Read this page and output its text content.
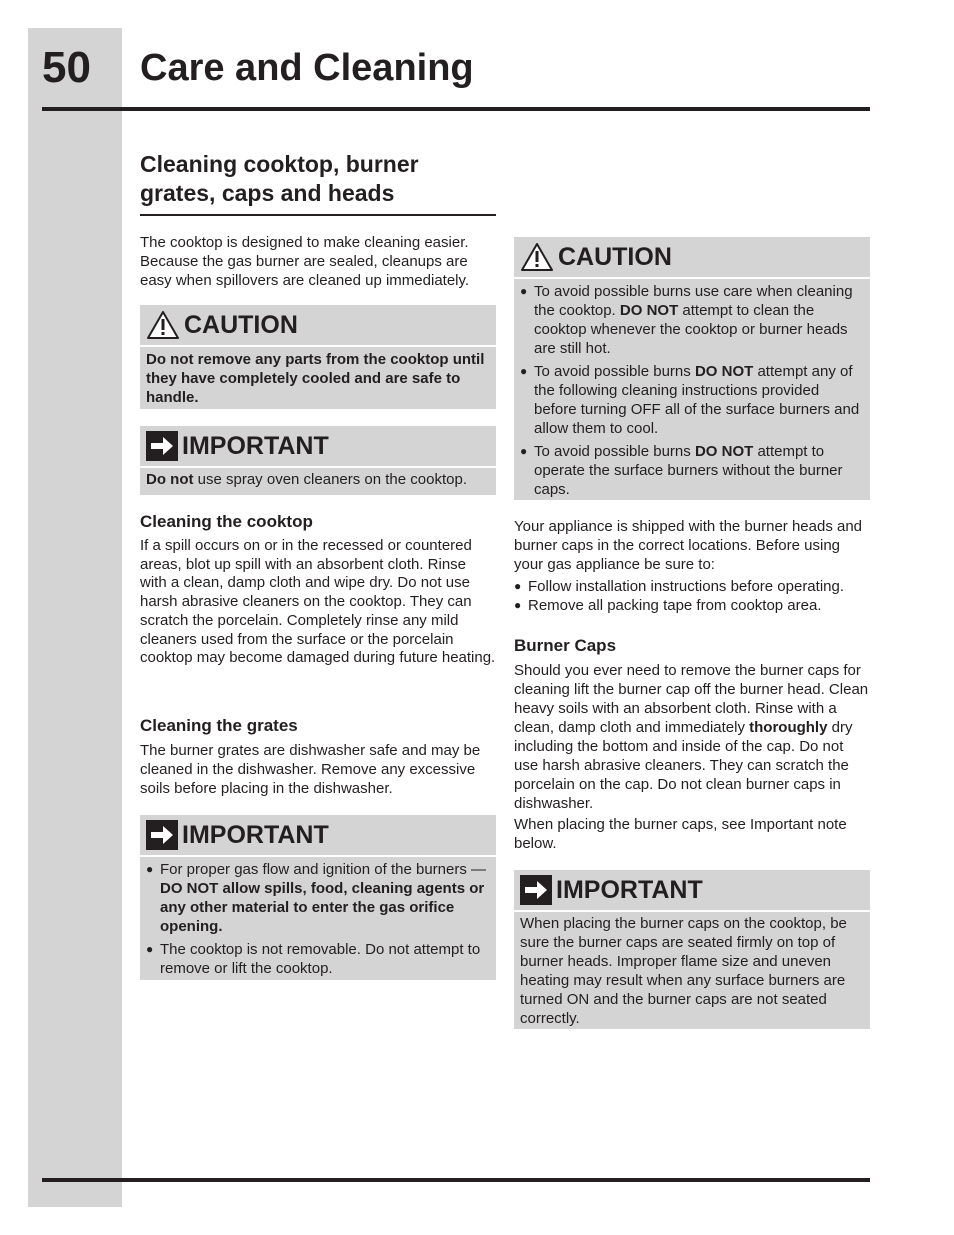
50 Care and Cleaning
Cleaning cooktop, burner grates, caps and heads

The cooktop is designed to make cleaning easier. Because the gas burner are sealed, cleanups are easy when spillovers are cleaned up immediately.

CAUTION
Do not remove any parts from the cooktop until they have completely cooled and are safe to handle.
IMPORTANT
Do not use spray oven cleaners on the cooktop.
Cleaning the cooktop

If a spill occurs on or in the recessed or countered areas, blot up spill with an absorbent cloth. Rinse with a clean, damp cloth and wipe dry. Do not use harsh abrasive cleaners on the cooktop. They can scratch the porcelain. Completely rinse any mild cleaners used from the surface or the porcelain cooktop may become damaged during future heating.

Cleaning the grates

The burner grates are dishwasher safe and may be cleaned in the dishwasher. Remove any excessive soils before placing in the dishwasher.

IMPORTANT
● For proper gas flow and ignition of the burners — DO NOT allow spills, food, cleaning agents or any other material to enter the gas orifice opening.
● The cooktop is not removable. Do not attempt to remove or lift the cooktop.
CAUTION
● To avoid possible burns use care when cleaning the cooktop. DO NOT attempt to clean the cooktop whenever the cooktop or burner heads are still hot.
● To avoid possible burns DO NOT attempt any of the following cleaning instructions provided before turning OFF all of the surface burners and allow them to cool.
● To avoid possible burns DO NOT attempt to operate the surface burners without the burner caps.

Your appliance is shipped with the burner heads and burner caps in the correct locations. Before using your gas appliance be sure to:

● Follow installation instructions before operating.
● Remove all packing tape from cooktop area.
Burner Caps

Should you ever need to remove the burner caps for cleaning lift the burner cap off the burner head. Clean heavy soils with an absorbent cloth. Rinse with a clean, damp cloth and immediately thoroughly dry including the bottom and inside of the cap. Do not use harsh abrasive cleaners. They can scratch the porcelain on the cap. Do not clean burner caps in dishwasher.

When placing the burner caps, see Important note below.

IMPORTANT
When placing the burner caps on the cooktop, be sure the burner caps are seated firmly on top of burner heads. Improper flame size and uneven heating may result when any surface burners are turned ON and the burner caps are not seated correctly.
